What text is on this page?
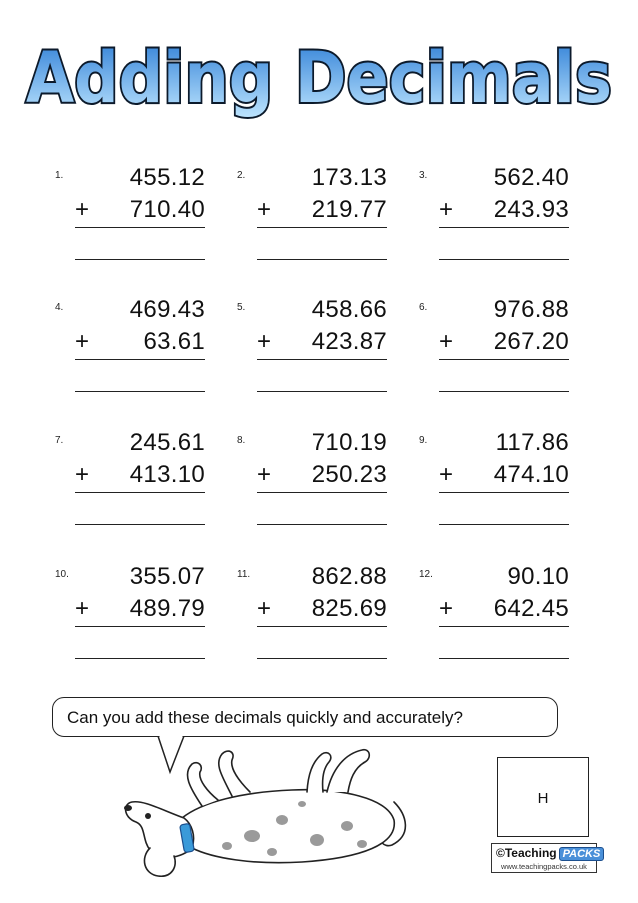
Adding Decimals
1.	455.12
+ 710.40
2.	173.13
+ 219.77
3.	562.40
+ 243.93
4.	469.43
+ 63.61
5.	458.66
+ 423.87
6.	976.88
+ 267.20
7.	245.61
+ 413.10
8.	710.19
+ 250.23
9.	117.86
+ 474.10
10.	355.07
+ 489.79
11.	862.88
+ 825.69
12.	90.10
+ 642.45
Can you add these decimals quickly and accurately?
H
©Teaching PACKS
www.teachingpacks.co.uk
